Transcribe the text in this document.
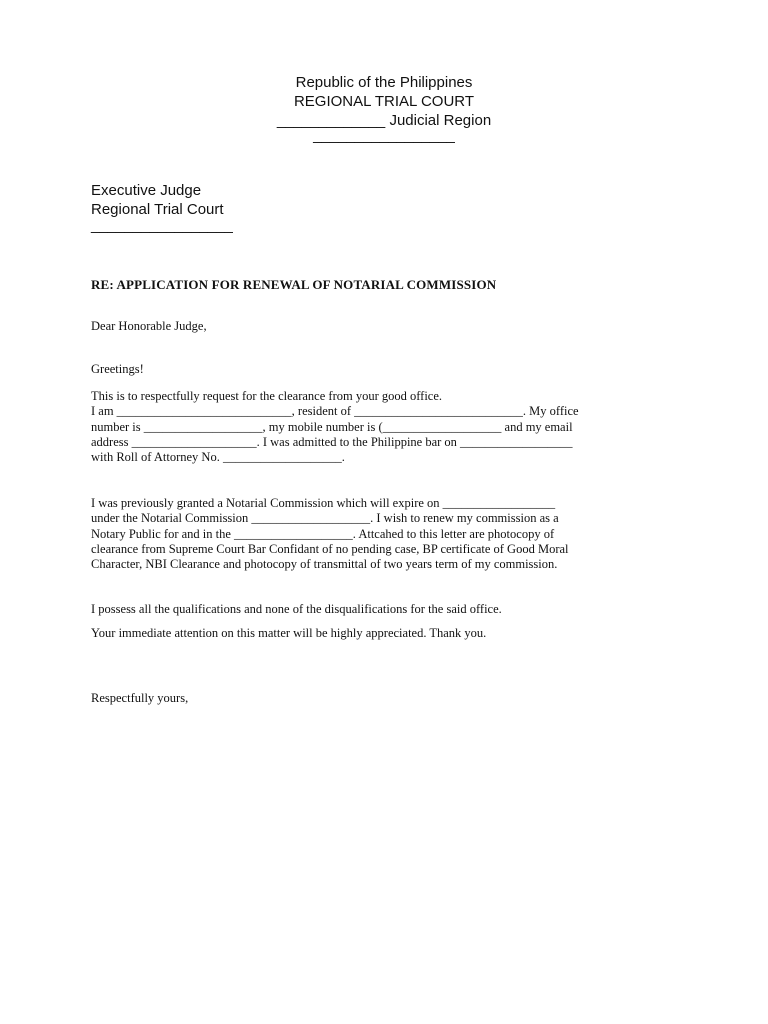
Republic of the Philippines
REGIONAL TRIAL COURT
_____________ Judicial Region
_________________
Executive Judge
Regional Trial Court
_________________
RE: APPLICATION FOR RENEWAL OF NOTARIAL COMMISSION
Dear Honorable Judge,
Greetings!
This is to respectfully request for the clearance from your good office.
I am ____________________________, resident of ___________________________. My office
number is ___________________, my mobile number is (___________________ and my email
address ____________________. I was admitted to the Philippine bar on __________________
with Roll of Attorney No. ___________________.
I was previously granted a Notarial Commission which will expire on __________________
under the Notarial Commission ___________________. I wish to renew my commission as a
Notary Public for and in the ___________________. Attcahed to this letter are photocopy of
clearance from Supreme Court Bar Confidant of no pending case, BP certificate of Good Moral
Character, NBI Clearance and photocopy of transmittal of two years term of my commission.
I possess all the qualifications and none of the disqualifications for the said office.
Your immediate attention on this matter will be highly appreciated. Thank you.
Respectfully yours,
